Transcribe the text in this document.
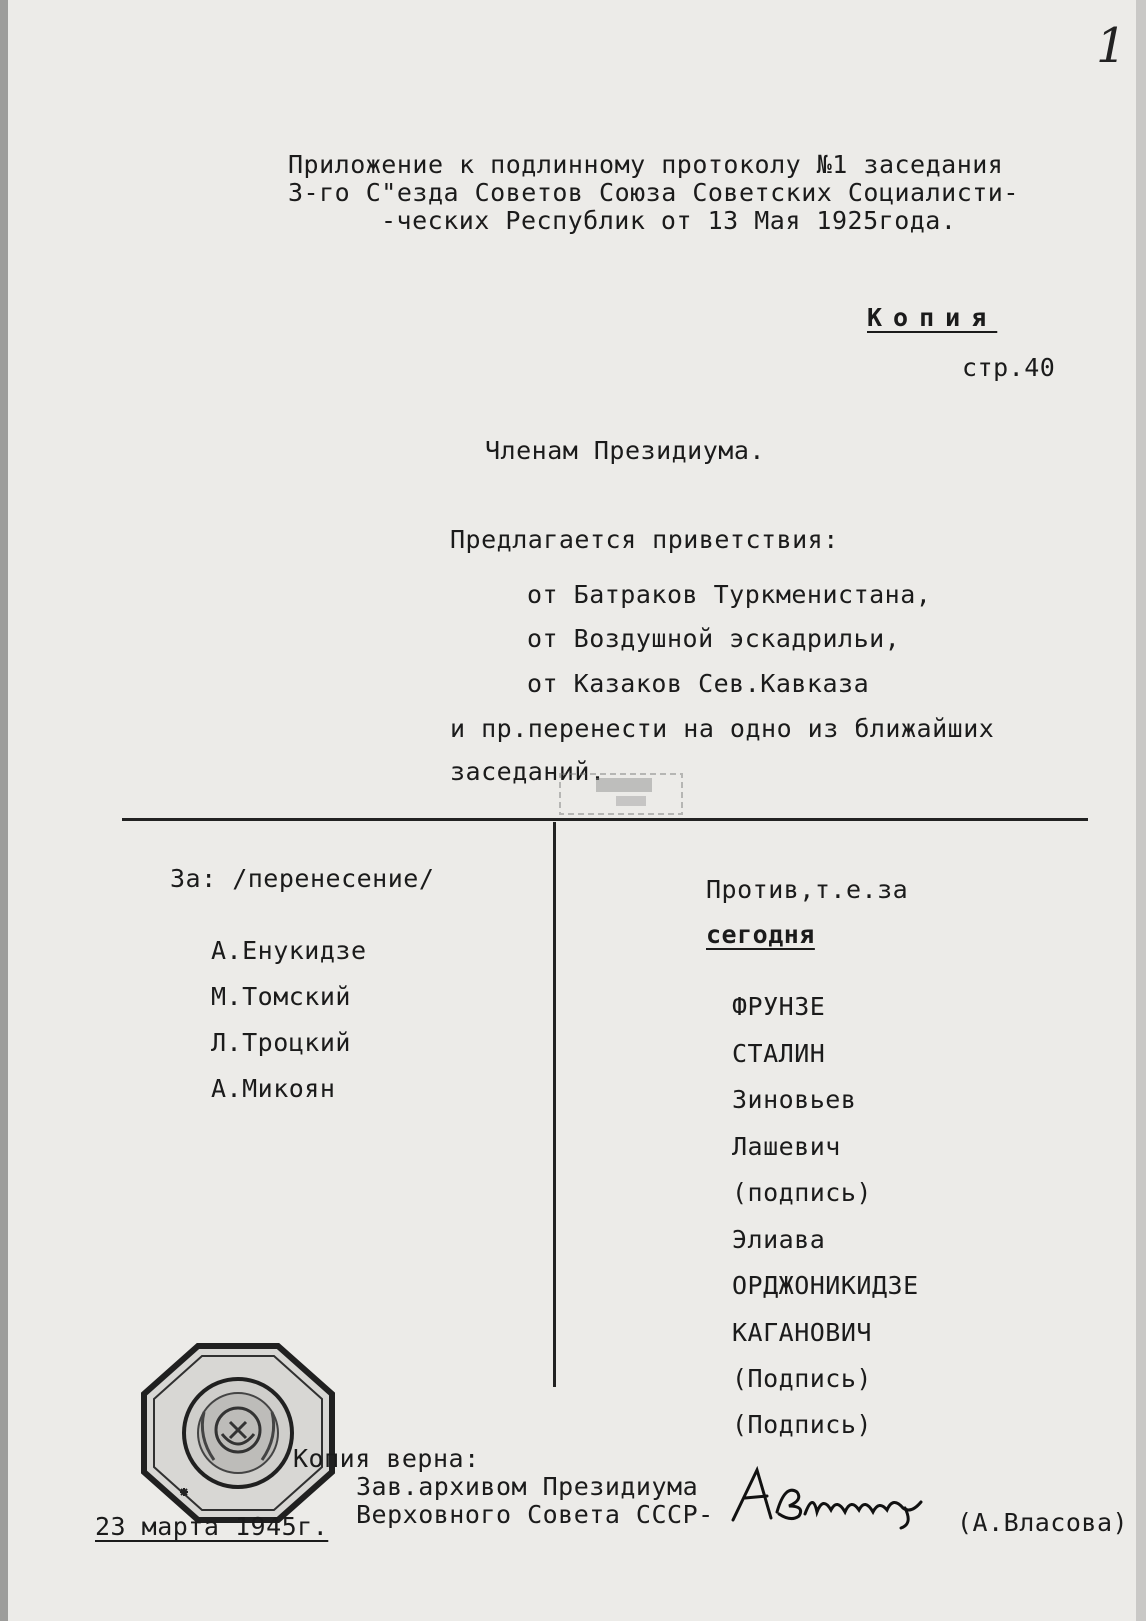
1
Приложение к подлинному протоколу №1 заседания
3-го С"езда Советов Союза Советских Социалисти-
-ческих Республик от 13 Мая 1925года.
Копия
стр.40
Членам Президиума.
Предлагается приветствия:
от Батраков Туркменистана,
от Воздушной эскадрильи,
от Казаков Сев.Кавказа
и пр.перенести на одно из ближайших
заседаний.
За: /перенесение/
А.Енукидзе
М.Томский
Л.Троцкий
А.Микоян
Против,т.е.за
сегодня
ФРУНЗЕ
СТАЛИН
Зиновьев
Лашевич
(подпись)
Элиава
ОРДЖОНИКИДЗЕ
КАГАНОВИЧ
(Подпись)
(Подпись)
Копия верна:
Зав.архивом Президиума
Верховного Совета СССР-	(А.Власова)
23 марта 1945г.
